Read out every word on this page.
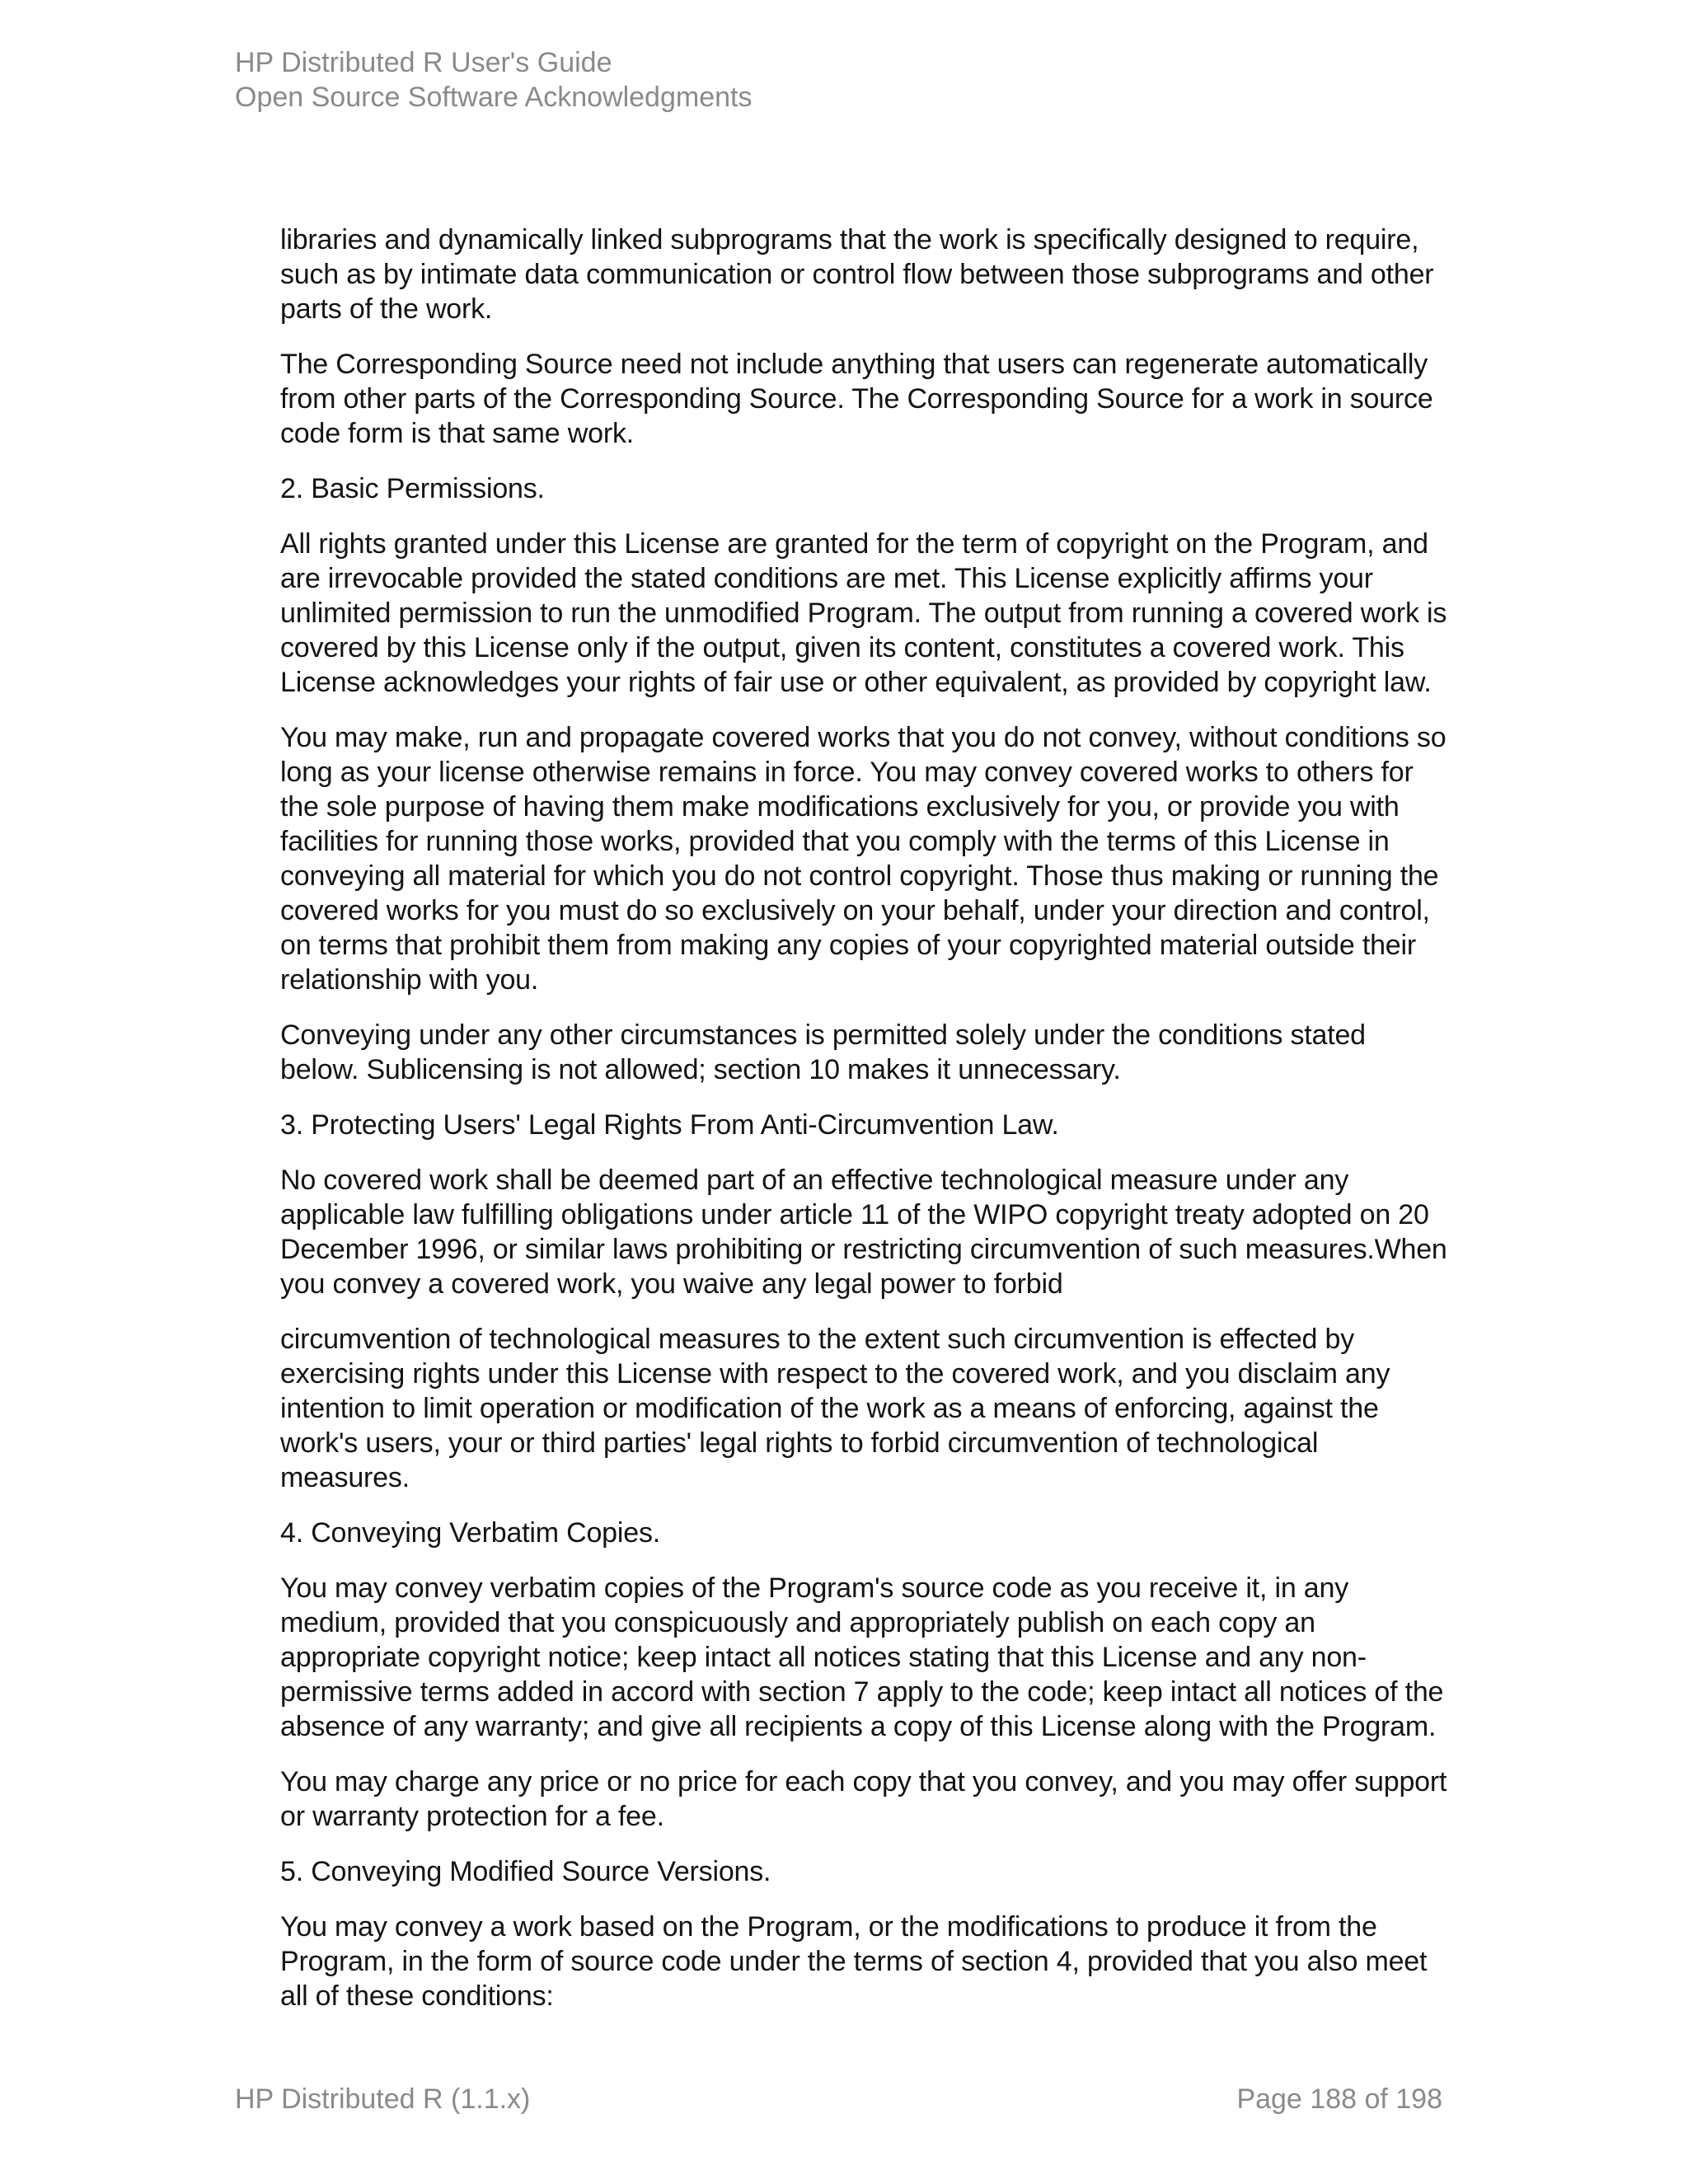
HP Distributed R User's Guide
Open Source Software Acknowledgments

libraries and dynamically linked subprograms that the work is specifically designed to require, such as by intimate data communication or control flow between those subprograms and other parts of the work.

The Corresponding Source need not include anything that users can regenerate automatically from other parts of the Corresponding Source. The Corresponding Source for a work in source code form is that same work.

2. Basic Permissions.

All rights granted under this License are granted for the term of copyright on the Program, and are irrevocable provided the stated conditions are met. This License explicitly affirms your unlimited permission to run the unmodified Program. The output from running a covered work is covered by this License only if the output, given its content, constitutes a covered work. This License acknowledges your rights of fair use or other equivalent, as provided by copyright law.

You may make, run and propagate covered works that you do not convey, without conditions so long as your license otherwise remains in force. You may convey covered works to others for the sole purpose of having them make modifications exclusively for you, or provide you with facilities for running those works, provided that you comply with the terms of this License in conveying all material for which you do not control copyright. Those thus making or running the covered works for you must do so exclusively on your behalf, under your direction and control, on terms that prohibit them from making any copies of your copyrighted material outside their relationship with you.

Conveying under any other circumstances is permitted solely under the conditions stated below. Sublicensing is not allowed; section 10 makes it unnecessary.

3. Protecting Users' Legal Rights From Anti-Circumvention Law.

No covered work shall be deemed part of an effective technological measure under any applicable law fulfilling obligations under article 11 of the WIPO copyright treaty adopted on 20 December 1996, or similar laws prohibiting or restricting circumvention of such measures.When you convey a covered work, you waive any legal power to forbid

circumvention of technological measures to the extent such circumvention is effected by exercising rights under this License with respect to the covered work, and you disclaim any intention to limit operation or modification of the work as a means of enforcing, against the work's users, your or third parties' legal rights to forbid circumvention of technological measures.

4. Conveying Verbatim Copies.

You may convey verbatim copies of the Program's source code as you receive it, in any medium, provided that you conspicuously and appropriately publish on each copy an appropriate copyright notice; keep intact all notices stating that this License and any non-permissive terms added in accord with section 7 apply to the code; keep intact all notices of the absence of any warranty; and give all recipients a copy of this License along with the Program.

You may charge any price or no price for each copy that you convey, and you may offer support or warranty protection for a fee.

5. Conveying Modified Source Versions.

You may convey a work based on the Program, or the modifications to produce it from the Program, in the form of source code under the terms of section 4, provided that you also meet all of these conditions:

HP Distributed R (1.1.x)	Page 188 of 198
